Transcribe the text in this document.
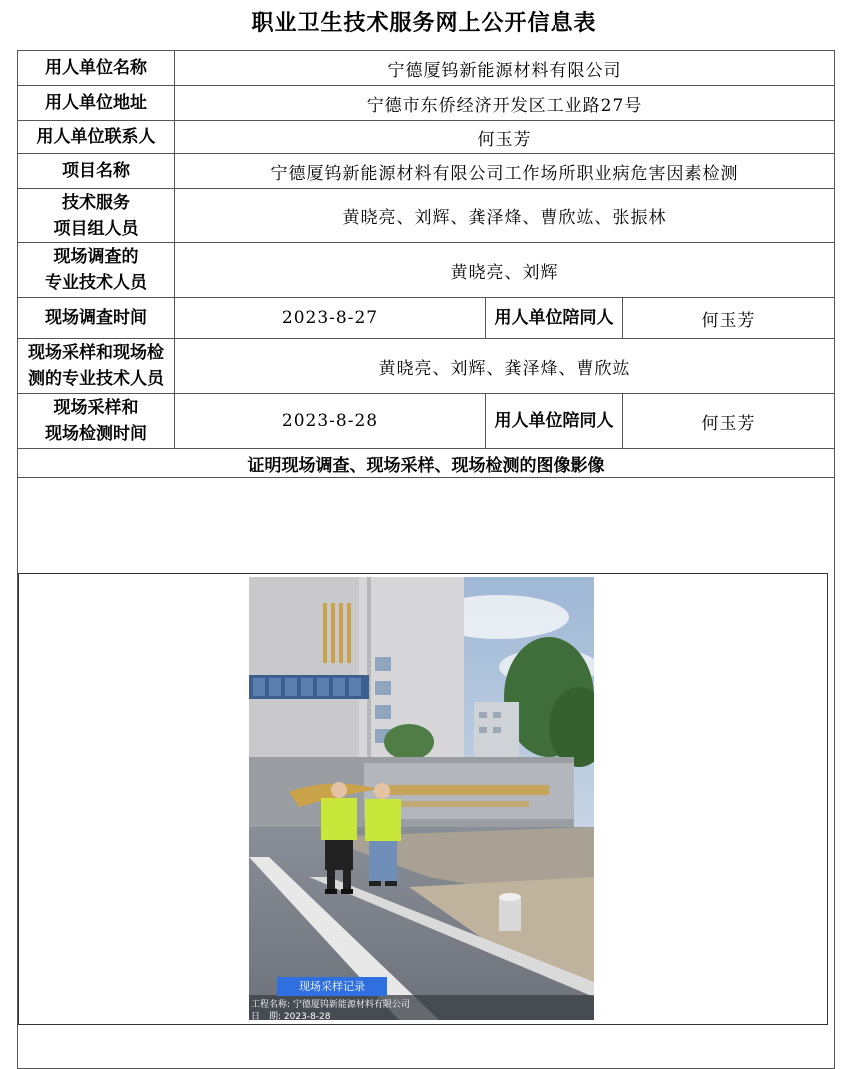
职业卫生技术服务网上公开信息表
用人单位名称	宁德厦钨新能源材料有限公司		
用人单位地址	宁德市东侨经济开发区工业路27号		
用人单位联系人	何玉芳		
项目名称	宁德厦钨新能源材料有限公司工作场所职业病危害因素检测		

技术服务
项目组人员	黄晓亮、刘辉、龚泽烽、曹欣竑、张振林		

现场调查的
专业技术人员	黄晓亮、刘辉		
现场调查时间	2023-8-27	用人单位陪同人	何玉芳

现场采样和现场检
测的专业技术人员	黄晓亮、刘辉、龚泽烽、曹欣竑		

现场采样和
现场检测时间	2023-8-28	用人单位陪同人	何玉芳
证明现场调查、现场采样、现场检测的图像影像			

现场采样记录
工程名称: 宁德厦钨新能源材料有限公司
日　期: 2023-8-28
